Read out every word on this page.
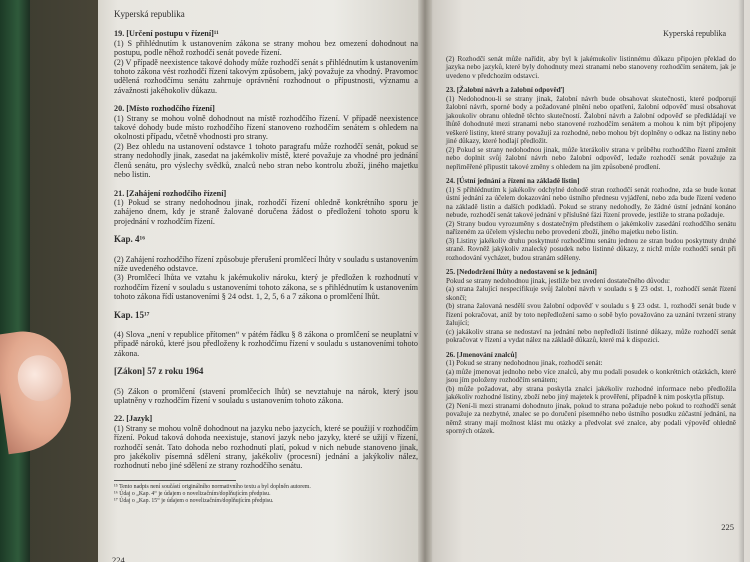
Kyperská republika
19. [Určení postupu v řízení]¹¹

(1) S přihlédnutím k ustanovením zákona se strany mohou bez omezení dohodnout na postupu, podle něhož rozhodčí senát povede řízení.

(2) V případě neexistence takové dohody může rozhodčí senát s přihlédnutím k ustanovením tohoto zákona vést rozhodčí řízení takovým způsobem, jaký považuje za vhodný. Pravomoc udělená rozhodčímu senátu zahrnuje oprávnění rozhodnout o přípustnosti, významu a závažnosti jakéhokoliv důkazu.

20. [Místo rozhodčího řízení]

(1) Strany se mohou volně dohodnout na místě rozhodčího řízení. V případě neexistence takové dohody bude místo rozhodčího řízení stanoveno rozhodčím senátem s ohledem na okolnosti případu, včetně vhodnosti pro strany.

(2) Bez ohledu na ustanovení odstavce 1 tohoto paragrafu může rozhodčí senát, pokud se strany nedohodly jinak, zasedat na jakémkoliv místě, které považuje za vhodné pro jednání členů senátu, pro výslechy svědků, znalců nebo stran nebo kontrolu zboží, jiného majetku nebo listin.

21. [Zahájení rozhodčího řízení]

(1) Pokud se strany nedohodnou jinak, rozhodčí řízení ohledně konkrétního sporu je zahájeno dnem, kdy je straně žalované doručena žádost o předložení tohoto sporu k projednání v rozhodčím řízení.

Kap. 4¹⁶

(2) Zahájení rozhodčího řízení způsobuje přerušení promlčecí lhůty v souladu s ustanovením níže uvedeného odstavce.

(3) Promlčecí lhůta ve vztahu k jakémukoliv nároku, který je předložen k rozhodnutí v rozhodčím řízení v souladu s ustanoveními tohoto zákona, se s přihlédnutím k ustanovením tohoto zákona řídí ustanoveními § 24 odst. 1, 2, 5, 6 a 7 zákona o promlčení lhůt.

Kap. 15¹⁷

(4) Slova „není v republice přítomen“ v pátém řádku § 8 zákona o promlčení se neuplatní v případě nároků, které jsou předloženy k rozhodčímu řízení v souladu s ustanoveními tohoto zákona.

[Zákon] 57 z roku 1964

(5) Zákon o promlčení (stavení promlčecích lhůt) se nevztahuje na nárok, který jsou uplatněny v rozhodčím řízení v souladu s ustanovením tohoto zákona.

22. [Jazyk]

(1) Strany se mohou volně dohodnout na jazyku nebo jazycích, které se použijí v rozhodčím řízení. Pokud taková dohoda neexistuje, stanoví jazyk nebo jazyky, které se užijí v řízení, rozhodčí senát. Tato dohoda nebo rozhodnutí platí, pokud v nich nebude stanoveno jinak, pro jakékoliv písemná sdělení strany, jakékoliv (procesní) jednání a jakýkoliv nález, rozhodnutí nebo jiné sdělení ze strany rozhodčího senátu.

¹⁵ Tento nadpis není součástí originálního normativního textu a byl doplněn autorem.
¹⁶ Údaj o „Kap. 4“ je údajem o novelizačním/doplňujícím předpisu.
¹⁷ Údaj o „Kap. 15“ je údajem o novelizačním/doplňujícím předpisu.
224
Kyperská republika

(2) Rozhodčí senát může nařídit, aby byl k jakémukoliv listinnému důkazu připojen překlad do jazyka nebo jazyků, které byly dohodnuty mezi stranami nebo stanoveny rozhodčím senátem, jak je uvedeno v předchozím odstavci.

23. [Žalobní návrh a žalobní odpověď]

(1) Nedohodnou-li se strany jinak, žalobní návrh bude obsahovat skutečnosti, které podporují žalobní návrh, sporné body a požadované plnění nebo opatření, žalobní odpověď musí obsahovat jakoukoliv obranu ohledně těchto skutečností. Žalobní návrh a žalobní odpověď se předkládají ve lhůtě dohodnuté mezi stranami nebo stanovené rozhodčím senátem a mohou k nim být připojeny veškeré listiny, které strany považují za rozhodné, nebo mohou být doplněny o odkaz na listiny nebo jiné důkazy, které hodlají předložit.

(2) Pokud se strany nedohodnou jinak, může kterákoliv strana v průběhu rozhodčího řízení změnit nebo doplnit svůj žalobní návrh nebo žalobní odpověď, ledaže rozhodčí senát považuje za nepřiměřené připustit takové změny s ohledem na jím způsobené prodlení.

24. [Ústní jednání a řízení na základě listin]

(1) S přihlédnutím k jakékoliv odchylné dohodě stran rozhodčí senát rozhodne, zda se bude konat ústní jednání za účelem dokazování nebo ústního přednesu vyjádření, nebo zda bude řízení vedeno na základě listin a dalších podkladů. Pokud se strany nedohodly, že žádné ústní jednání konáno nebude, rozhodčí senát takové jednání v příslušné fázi řízení provede, jestliže to strana požaduje.

(2) Strany budou vyrozuměny s dostatečným předstihem o jakémkoliv zasedání rozhodčího senátu nařízeném za účelem výslechu nebo provedení zboží, jiného majetku nebo listin.

(3) Listiny jakékoliv druhu poskytnuté rozhodčímu senátu jednou ze stran budou poskytnuty druhé straně. Rovněž jakýkoliv znalecký posudek nebo listinné důkazy, z nichž může rozhodčí senát při rozhodování vycházet, budou stranám sděleny.

25. [Nedodržení lhůty a nedostavení se k jednání]

Pokud se strany nedohodnou jinak, jestliže bez uvedení dostatečného důvodu:

(a) strana žalující nespecifikuje svůj žalobní návrh v souladu s § 23 odst. 1, rozhodčí senát řízení skončí;

(b) strana žalovaná nesdělí svou žalobní odpověď v souladu s § 23 odst. 1, rozhodčí senát bude v řízení pokračovat, aniž by toto nepředložení samo o sobě bylo považováno za uznání tvrzení strany žalující;

(c) jakákoliv strana se nedostaví na jednání nebo nepředloží listinné důkazy, může rozhodčí senát pokračovat v řízení a vydat nález na základě důkazů, které má k dispozici.

26. [Jmenování znalců]

(1) Pokud se strany nedohodnou jinak, rozhodčí senát:

(a) může jmenovat jednoho nebo více znalců, aby mu podali posudek o konkrétních otázkách, které jsou jím položeny rozhodčím senátem;

(b) může požadovat, aby strana poskytla znalci jakékoliv rozhodné informace nebo předložila jakékoliv rozhodné listiny, zboží nebo jiný majetek k prověření, případně k nim poskytla přístup.

(2) Není-li mezi stranami dohodnuto jinak, pokud to strana požaduje nebo pokud to rozhodčí senát považuje za nezbytné, znalec se po doručení písemného nebo ústního posudku zúčastní jednání, na němž strany mají možnost klást mu otázky a předvolat své znalce, aby podali výpověď ohledně sporných otázek.

225
